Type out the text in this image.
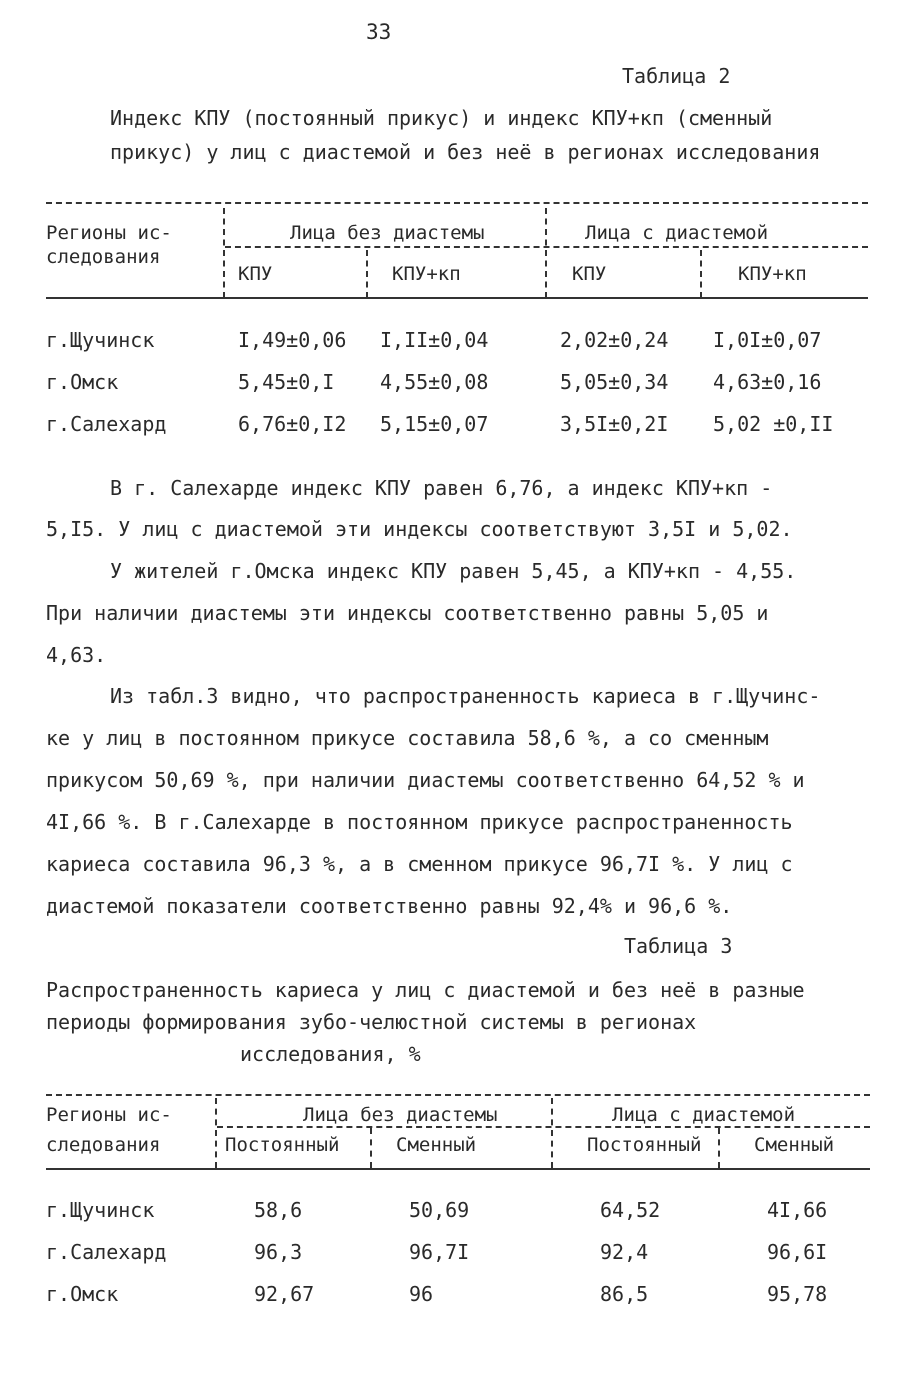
33
Таблица 2
Индекс КПУ (постоянный прикус) и индекс КПУ+кп (сменный
прикус) у лиц с диастемой и без неё в регионах исследования
Регионы ис-
следования
Лица без диастемы	Лица с диастемой
КПУ	КПУ+кп	КПУ	КПУ+кп
г.Щучинск	I,49±0,06 I,II±0,04	2,02±0,24 I,0I±0,07
г.Омск	5,45±0,I 4,55±0,08	5,05±0,34 4,63±0,16
г.Салехард	6,76±0,I2 5,15±0,07	3,5I±0,2I 5,02 ±0,II
В г. Салехарде индекс КПУ равен 6,76, а индекс КПУ+кп -
5,I5. У лиц с диастемой эти индексы соответствуют 3,5I и 5,02.
У жителей г.Омска индекс КПУ равен 5,45, а КПУ+кп - 4,55.
При наличии диастемы эти индексы соответственно равны 5,05 и
4,63.
Из табл.3 видно, что распространенность кариеса в г.Щучинс-
ке у лиц в постоянном прикусе составила 58,6 %, а со сменным
прикусом 50,69 %, при наличии диастемы соответственно 64,52 % и
4I,66 %. В г.Салехарде в постоянном прикусе распространенность
кариеса составила 96,3 %, а в сменном прикусе 96,7I %. У лиц с
диастемой показатели соответственно равны 92,4% и 96,6 %.
Таблица 3
Распространенность кариеса у лиц с диастемой и без неё в разные
периоды формирования зубо-челюстной системы в регионах
исследования, %
Регионы ис-
следования
Лица без диастемы	Лица с диастемой
Постоянный	Сменный	Постоянный	Сменный
г.Щучинск	58,6	50,69	64,52	4I,66
г.Салехард	96,3	96,7I	92,4	96,6I
г.Омск	92,67	96	86,5	95,78
